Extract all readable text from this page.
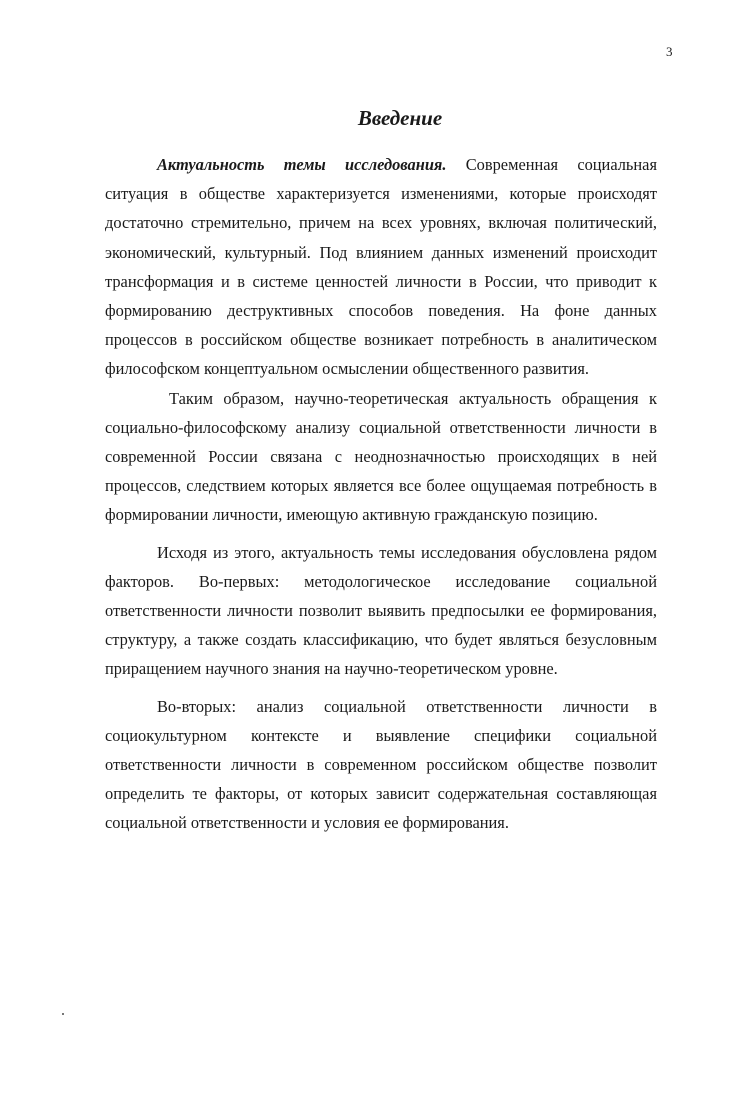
3
Введение

Актуальность темы исследования. Современная социальная ситуация в обществе характеризуется изменениями, которые происходят достаточно стремительно, причем на всех уровнях, включая политический, экономический, культурный. Под влиянием данных изменений происходит трансформация и в системе ценностей личности в России, что приводит к формированию деструктивных способов поведения. На фоне данных процессов в российском обществе возникает потребность в аналитическом философском концептуальном осмыслении общественного развития.

Таким образом, научно-теоретическая актуальность обращения к социально-философскому анализу социальной ответственности личности в современной России связана с неоднозначностью происходящих в ней процессов, следствием которых является все более ощущаемая потребность в формировании личности, имеющую активную гражданскую позицию.

Исходя из этого, актуальность темы исследования обусловлена рядом факторов. Во-первых: методологическое исследование социальной ответственности личности позволит выявить предпосылки ее формирования, структуру, а также создать классификацию, что будет являться безусловным приращением научного знания на научно-теоретическом уровне.

Во-вторых: анализ социальной ответственности личности в социокультурном контексте и выявление специфики социальной ответственности личности в современном российском обществе позволит определить те факторы, от которых зависит содержательная составляющая социальной ответственности и условия ее формирования.
